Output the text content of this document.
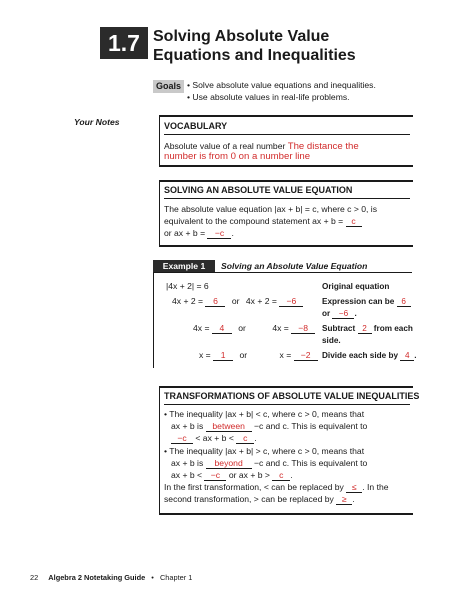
1.7 Solving Absolute Value
Equations and Inequalities
Goals • Solve absolute value equations and inequalities.
• Use absolute values in real-life problems.
Your Notes	VOCABULARY
Absolute value of a real number The distance the
number is from 0 on a number line
SOLVING AN ABSOLUTE VALUE EQUATION
The absolute value equation |ax + b| = c, where c > 0, is
equivalent to the compound statement ax + b = c
or ax + b = −c .
Example 1	Solving an Absolute Value Equation
|4x + 2| = 6	Original equation
4x + 2 = 6 or 4x + 2 = −6	Expression can be 6
or −6 .
4x = 4 or	4x = −8	Subtract 2 from each
side.
x = 1 or	x = −2	Divide each side by 4 .
TRANSFORMATIONS OF ABSOLUTE VALUE INEQUALITIES
• The inequality |ax + b| < c, where c > 0, means that
ax + b is between −c and c. This is equivalent to
−c < ax + b < c .
• The inequality |ax + b| > c, where c > 0, means that
ax + b is beyond −c and c. This is equivalent to
ax + b < −c or ax + b > c .
In the first transformation, < can be replaced by ≤ . In the
second transformation, > can be replaced by ≥ .
22 Algebra 2 Notetaking Guide • Chapter 1
